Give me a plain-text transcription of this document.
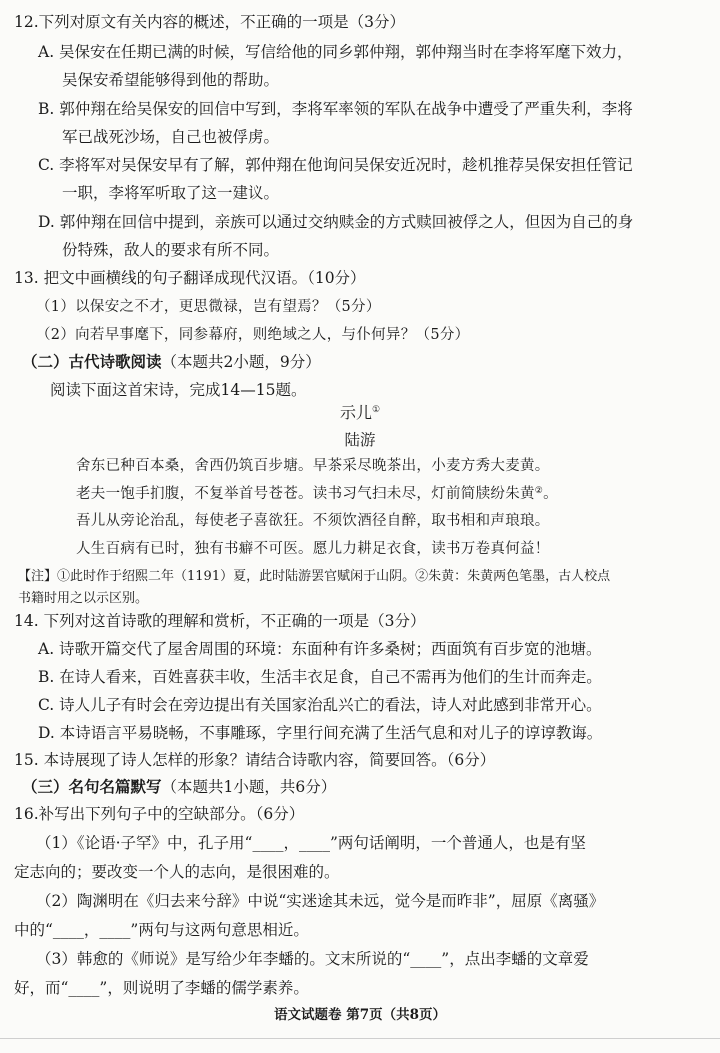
12.下列对原文有关内容的概述，不正确的一项是（3分）
A. 吴保安在任期已满的时候，写信给他的同乡郭仲翔，郭仲翔当时在李将军麾下效力，
吴保安希望能够得到他的帮助。
B. 郭仲翔在给吴保安的回信中写到，李将军率领的军队在战争中遭受了严重失利，李将
军已战死沙场，自己也被俘虏。
C. 李将军对吴保安早有了解，郭仲翔在他询问吴保安近况时，趁机推荐吴保安担任管记
一职，李将军听取了这一建议。
D. 郭仲翔在回信中提到，亲族可以通过交纳赎金的方式赎回被俘之人，但因为自己的身
份特殊，敌人的要求有所不同。
13. 把文中画横线的句子翻译成现代汉语。（10分）
（1）以保安之不才，更思微禄，岂有望焉？（5分）
（2）向若早事麾下，同参幕府，则绝域之人，与仆何异？（5分）
（二）古代诗歌阅读（本题共2小题，9分）
阅读下面这首宋诗，完成14—15题。
示儿①
陆游
舍东已种百本桑，舍西仍筑百步塘。早茶采尽晚茶出，小麦方秀大麦黄。
老夫一饱手扪腹，不复举首号苍苍。读书习气扫未尽，灯前简牍纷朱黄②。
吾儿从旁论治乱，每使老子喜欲狂。不须饮酒径自醉，取书相和声琅琅。
人生百病有已时，独有书癖不可医。愿儿力耕足衣食，读书万卷真何益！
【注】①此时作于绍熙二年（1191）夏，此时陆游罢官赋闲于山阴。②朱黄：朱黄两色笔墨，古人校点
书籍时用之以示区别。
14. 下列对这首诗歌的理解和赏析，不正确的一项是（3分）
A. 诗歌开篇交代了屋舍周围的环境：东面种有许多桑树；西面筑有百步宽的池塘。
B. 在诗人看来，百姓喜获丰收，生活丰衣足食，自己不需再为他们的生计而奔走。
C. 诗人儿子有时会在旁边提出有关国家治乱兴亡的看法，诗人对此感到非常开心。
D. 本诗语言平易晓畅，不事雕琢，字里行间充满了生活气息和对儿子的谆谆教诲。
15. 本诗展现了诗人怎样的形象？请结合诗歌内容，简要回答。（6分）
（三）名句名篇默写（本题共1小题，共6分）
16.补写出下列句子中的空缺部分。（6分）
（1）《论语·子罕》中，孔子用“____，____”两句话阐明，一个普通人，也是有坚
定志向的；要改变一个人的志向，是很困难的。
（2）陶渊明在《归去来兮辞》中说“实迷途其未远，觉今是而昨非”，屈原《离骚》
中的“____，____”两句与这两句意思相近。
（3）韩愈的《师说》是写给少年李蟠的。文末所说的“____”，点出李蟠的文章爱
好，而“____”，则说明了李蟠的儒学素养。
语文试题卷 第7页（共8页）
